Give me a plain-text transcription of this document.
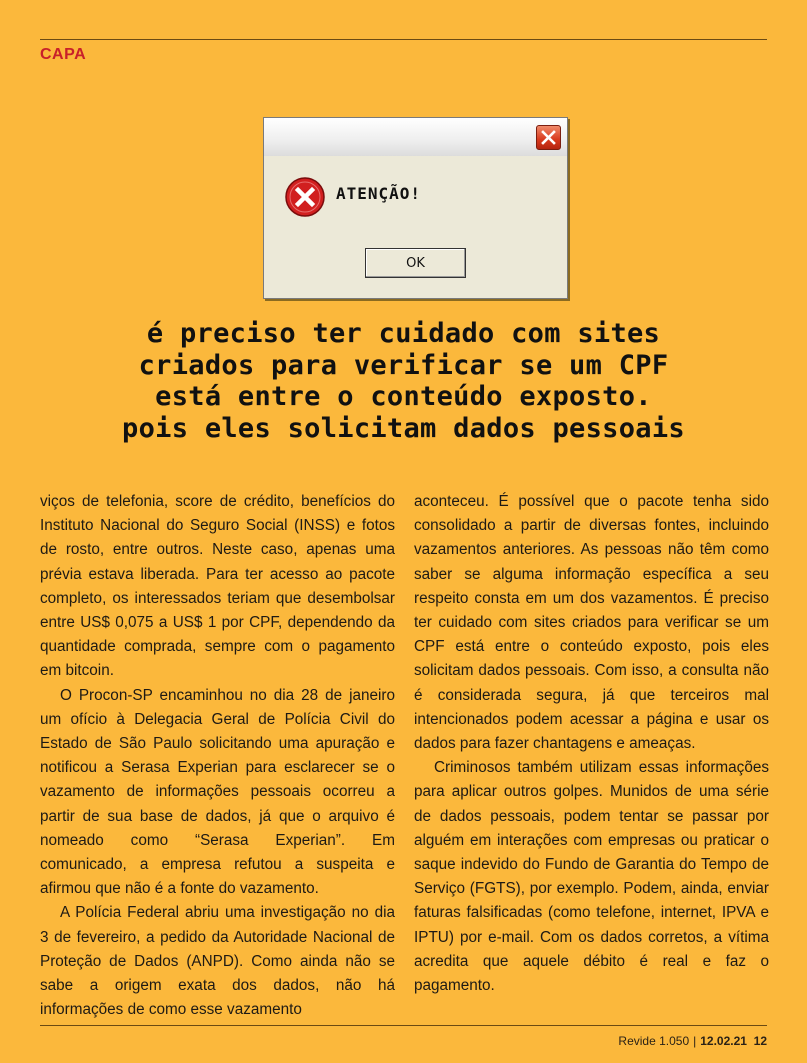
CAPA
ATENÇÃO!
OK
é preciso ter cuidado com sites
criados para verificar se um CPF
está entre o conteúdo exposto.
pois eles solicitam dados pessoais

viços de telefonia, score de crédito, benefícios do Instituto Nacional do Seguro Social (INSS) e fotos de rosto, entre outros. Neste caso, apenas uma prévia estava liberada. Para ter acesso ao pacote completo, os interessados teriam que desembolsar entre US$ 0,075 a US$ 1 por CPF, dependendo da quantidade comprada, sempre com o pagamento em bitcoin.

O Procon-SP encaminhou no dia 28 de janeiro um ofício à Delegacia Geral de Polícia Civil do Estado de São Paulo solicitando uma apuração e notificou a Serasa Experian para esclarecer se o vazamento de informações pessoais ocorreu a partir de sua base de dados, já que o arquivo é nomeado como “Serasa Experian”. Em comunicado, a empresa refutou a suspeita e afirmou que não é a fonte do vazamento.

A Polícia Federal abriu uma investigação no dia 3 de fevereiro, a pedido da Autoridade Nacional de Proteção de Dados (ANPD). Como ainda não se sabe a origem exata dos dados, não há informações de como esse vazamento

aconteceu. É possível que o pacote tenha sido consolidado a partir de diversas fontes, incluindo vazamentos anteriores. As pessoas não têm como saber se alguma informação específica a seu respeito consta em um dos vazamentos. É preciso ter cuidado com sites criados para verificar se um CPF está entre o conteúdo exposto, pois eles solicitam dados pessoais. Com isso, a consulta não é considerada segura, já que terceiros mal intencionados podem acessar a página e usar os dados para fazer chantagens e ameaças.

Criminosos também utilizam essas informações para aplicar outros golpes. Munidos de uma série de dados pessoais, podem tentar se passar por alguém em interações com empresas ou praticar o saque indevido do Fundo de Garantia do Tempo de Serviço (FGTS), por exemplo. Podem, ainda, enviar faturas falsificadas (como telefone, internet, IPVA e IPTU) por e-mail. Com os dados corretos, a vítima acredita que aquele débito é real e faz o pagamento.

Revide 1.050 | 12.02.21 12
